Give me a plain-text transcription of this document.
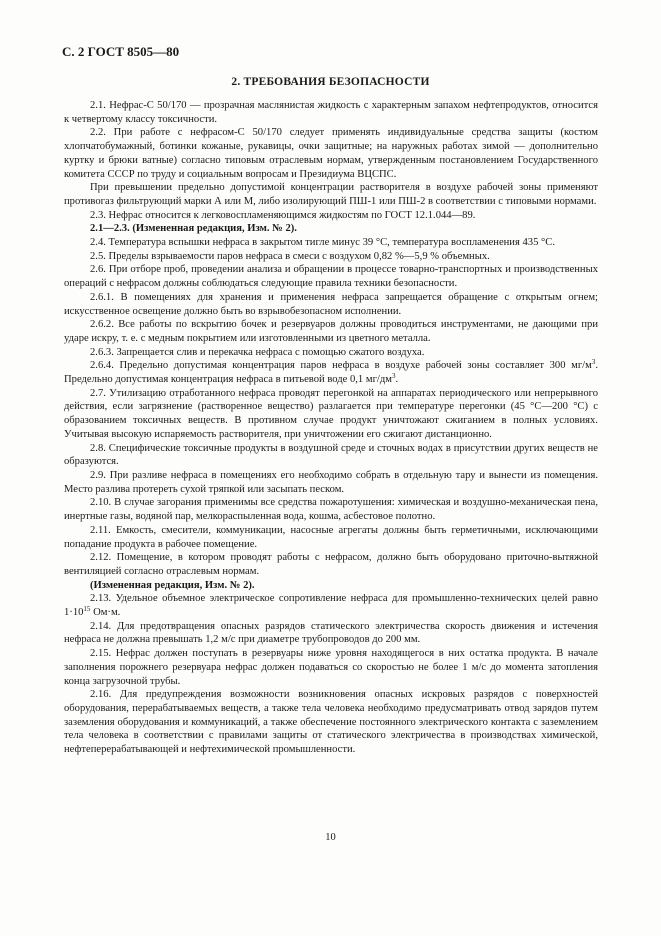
С. 2 ГОСТ 8505—80
2. ТРЕБОВАНИЯ БЕЗОПАСНОСТИ

2.1. Нефрас-С 50/170 — прозрачная маслянистая жидкость с характерным запахом нефтепродуктов, относится к четвертому классу токсичности.

2.2. При работе с нефрасом-С 50/170 следует применять индивидуальные средства защиты (костюм хлопчатобумажный, ботинки кожаные, рукавицы, очки защитные; на наружных работах зимой — дополнительно куртку и брюки ватные) согласно типовым отраслевым нормам, утвержденным постановлением Государственного комитета СССР по труду и социальным вопросам и Президиума ВЦСПС.

При превышении предельно допустимой концентрации растворителя в воздухе рабочей зоны применяют противогаз фильтрующий марки А или М, либо изолирующий ПШ-1 или ПШ-2 в соответствии с типовыми нормами.

2.3. Нефрас относится к легковоспламеняющимся жидкостям по ГОСТ 12.1.044—89.

2.1—2.3. (Измененная редакция, Изм. № 2).

2.4. Температура вспышки нефраса в закрытом тигле минус 39 °С, температура воспламенения 435 °С.

2.5. Пределы взрываемости паров нефраса в смеси с воздухом 0,82 %—5,9 % объемных.

2.6. При отборе проб, проведении анализа и обращении в процессе товарно-транспортных и производственных операций с нефрасом должны соблюдаться следующие правила техники безопасности.

2.6.1. В помещениях для хранения и применения нефраса запрещается обращение с открытым огнем; искусственное освещение должно быть во взрывобезопасном исполнении.

2.6.2. Все работы по вскрытию бочек и резервуаров должны проводиться инструментами, не дающими при ударе искру, т. е. с медным покрытием или изготовленными из цветного металла.

2.6.3. Запрещается слив и перекачка нефраса с помощью сжатого воздуха.

2.6.4. Предельно допустимая концентрация паров нефраса в воздухе рабочей зоны составляет 300 $мг/м^3$. Предельно допустимая концентрация нефраса в питьевой воде 0,1 $мг/дм^3$.

2.7. Утилизацию отработанного нефраса проводят перегонкой на аппаратах периодического или непрерывного действия, если загрязнение (растворенное вещество) разлагается при температуре перегонки (45 °С—200 °С) с образованием токсичных веществ. В противном случае продукт уничтожают сжиганием в полных условиях. Учитывая высокую испаряемость растворителя, при уничтожении его сжигают дистанционно.

2.8. Специфические токсичные продукты в воздушной среде и сточных водах в присутствии других веществ не образуются.

2.9. При разливе нефраса в помещениях его необходимо собрать в отдельную тару и вынести из помещения. Место разлива протереть сухой тряпкой или засыпать песком.

2.10. В случае загорания применимы все средства пожаротушения: химическая и воздушно-механическая пена, инертные газы, водяной пар, мелкораспыленная вода, кошма, асбестовое полотно.

2.11. Емкость, смесители, коммуникации, насосные агрегаты должны быть герметичными, исключающими попадание продукта в рабочее помещение.

2.12. Помещение, в котором проводят работы с нефрасом, должно быть оборудовано приточно-вытяжной вентиляцией согласно отраслевым нормам.

(Измененная редакция, Изм. № 2).

2.13. Удельное объемное электрическое сопротивление нефраса для промышленно-технических целей равно $1\cdot 10^{15}$ Ом·м.

2.14. Для предотвращения опасных разрядов статического электричества скорость движения и истечения нефраса не должна превышать 1,2 м/с при диаметре трубопроводов до 200 мм.

2.15. Нефрас должен поступать в резервуары ниже уровня находящегося в них остатка продукта. В начале заполнения порожнего резервуара нефрас должен подаваться со скоростью не более 1 м/с до момента затопления конца загрузочной трубы.

2.16. Для предупреждения возможности возникновения опасных искровых разрядов с поверхностей оборудования, перерабатываемых веществ, а также тела человека необходимо предусматривать отвод зарядов путем заземления оборудования и коммуникаций, а также обеспечение постоянного электрического контакта с заземлением тела человека в соответствии с правилами защиты от статического электричества в производствах химической, нефтеперерабатывающей и нефтехимической промышленности.

10
